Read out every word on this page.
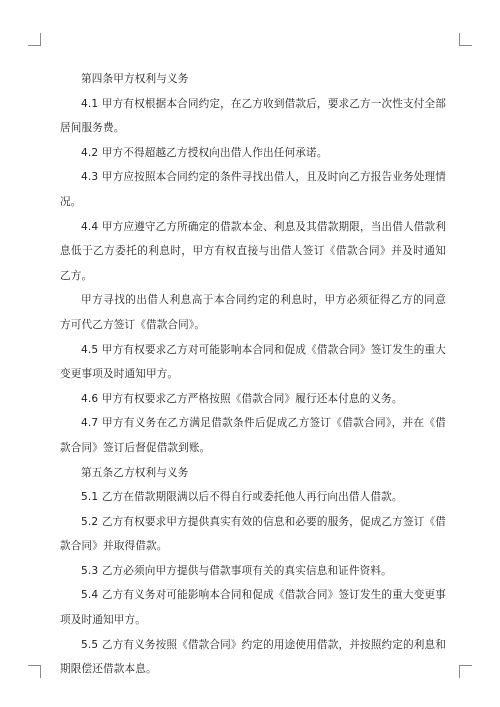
第四条甲方权利与义务

4.1 甲方有权根据本合同约定，在乙方收到借款后，要求乙方一次性支付全部居间服务费。

4.2 甲方不得超越乙方授权向出借人作出任何承诺。

4.3 甲方应按照本合同约定的条件寻找出借人，且及时向乙方报告业务处理情况。

4.4 甲方应遵守乙方所确定的借款本金、利息及其借款期限，当出借人借款利息低于乙方委托的利息时，甲方有权直接与出借人签订《借款合同》并及时通知乙方。

甲方寻找的出借人利息高于本合同约定的利息时，甲方必须征得乙方的同意方可代乙方签订《借款合同》。

4.5 甲方有权要求乙方对可能影响本合同和促成《借款合同》签订发生的重大变更事项及时通知甲方。

4.6 甲方有权要求乙方严格按照《借款合同》履行还本付息的义务。

4.7 甲方有义务在乙方满足借款条件后促成乙方签订《借款合同》，并在《借款合同》签订后督促借款到账。

第五条乙方权利与义务

5.1 乙方在借款期限满以后不得自行或委托他人再行向出借人借款。

5.2 乙方有权要求甲方提供真实有效的信息和必要的服务，促成乙方签订《借款合同》并取得借款。

5.3 乙方必须向甲方提供与借款事项有关的真实信息和证件资料。

5.4 乙方有义务对可能影响本合同和促成《借款合同》签订发生的重大变更事项及时通知甲方。

5.5 乙方有义务按照《借款合同》约定的用途使用借款，并按照约定的利息和期限偿还借款本息。
